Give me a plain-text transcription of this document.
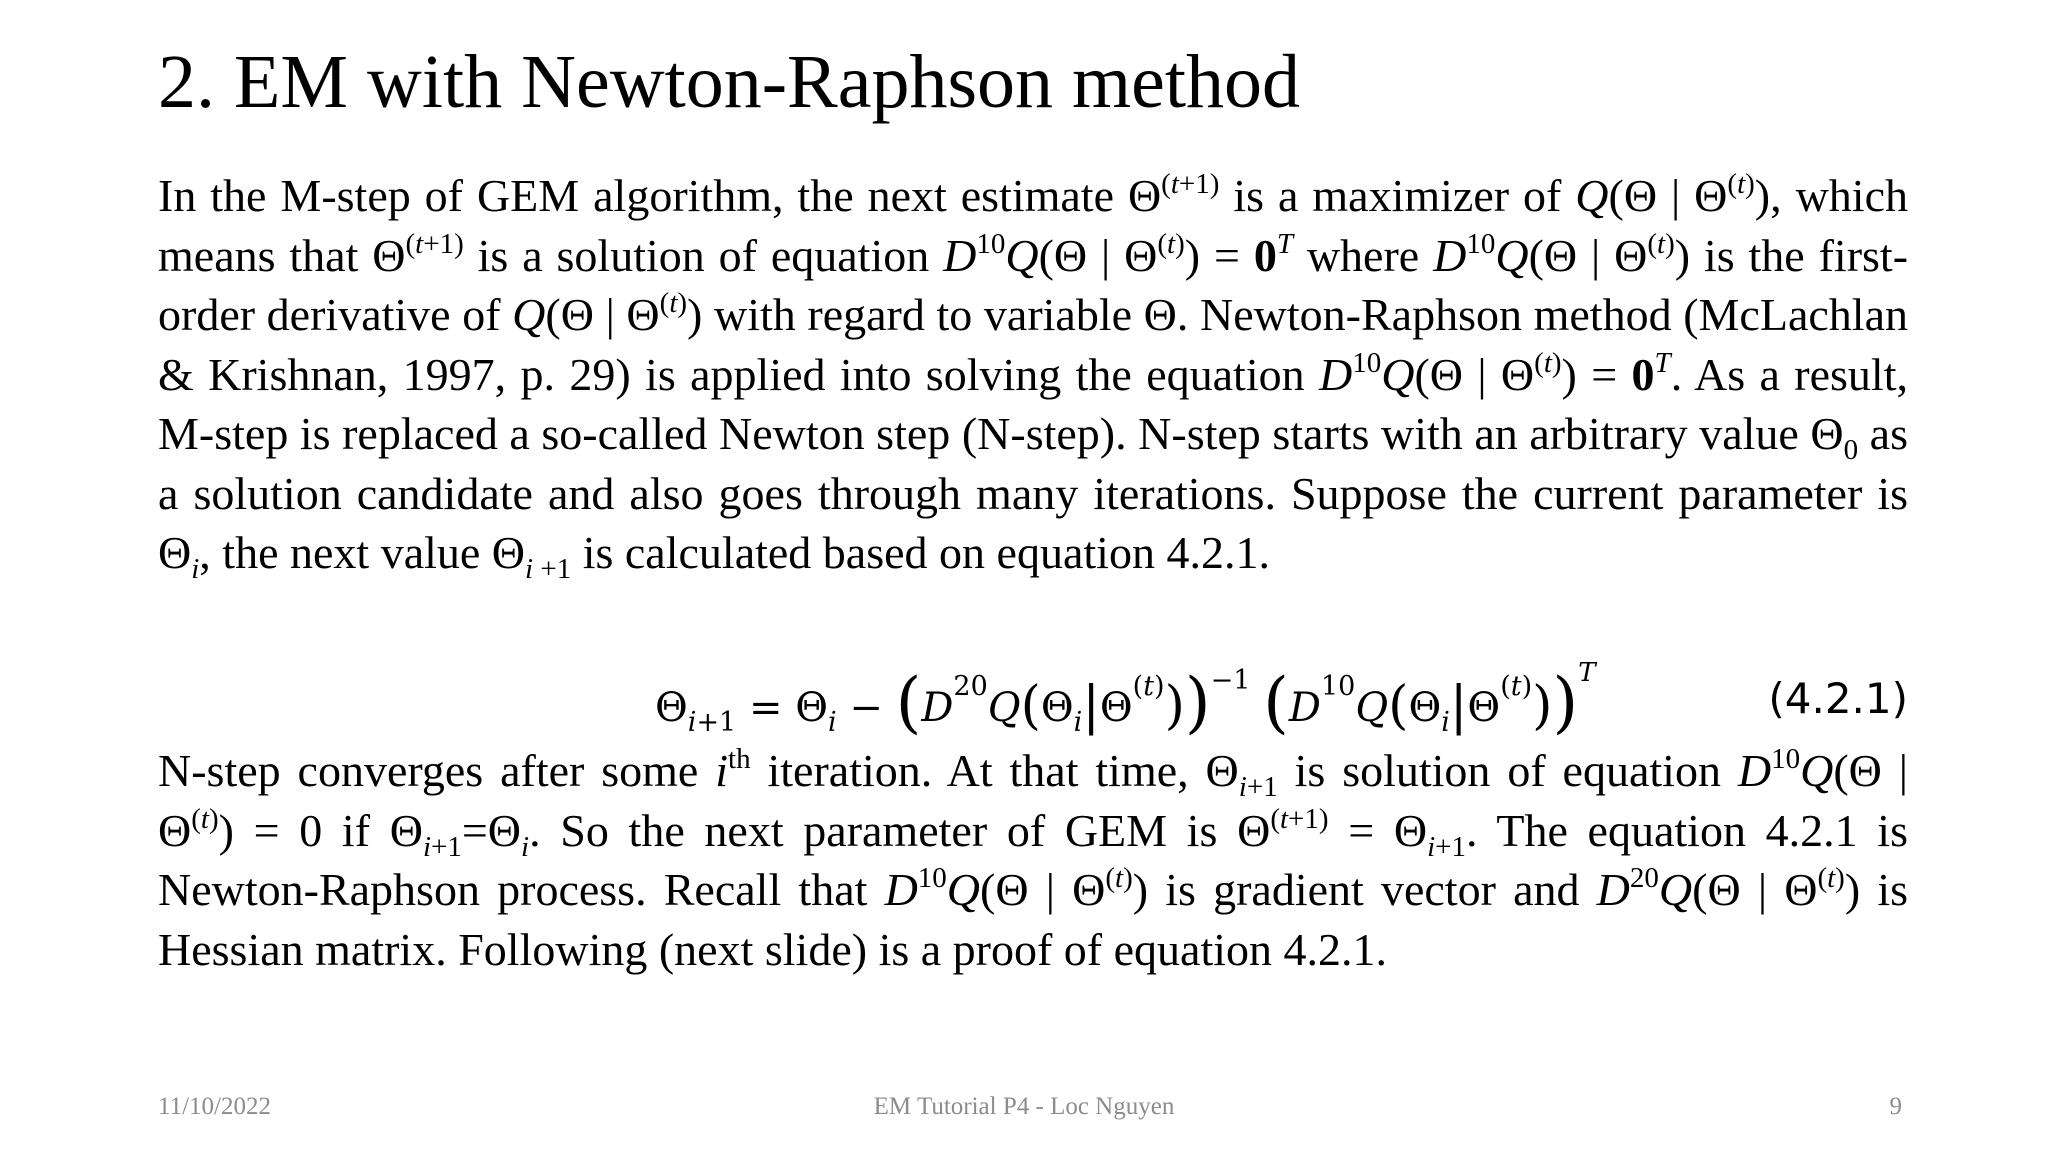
2. EM with Newton-Raphson method
In the M-step of GEM algorithm, the next estimate $\Theta^{(t+1)}$ is a maximizer of Q(Θ | $\Theta^{(t)}$), which means that $\Theta^{(t+1)}$ is a solution of equation $D^{10}Q(\Theta$ | $\Theta^{(t)}) = 0^T$ where $D^{10}Q(\Theta$ | $\Theta^{(t)}$) is the first-order derivative of Q(Θ | $\Theta^{(t)}$) with regard to variable Θ. Newton-Raphson method (McLachlan & Krishnan, 1997, p. 29) is applied into solving the equation $D^{10}Q(\Theta$ | $\Theta^{(t)}) = 0^T$. As a result, M-step is replaced a so-called Newton step (N-step). N-step starts with an arbitrary value $\Theta_0$ as a solution candidate and also goes through many iterations. Suppose the current parameter is $\Theta_i$, the next value $\Theta_{i +1}$ is calculated based on equation 4.2.1.
$\Theta_{i+1} = \Theta_i - (D^{20}Q(\Theta_i|\Theta^{(t)}))^{-1}$ $(D^{10}Q(\Theta_i|\Theta^{(t)}))^T$
(4.2.1)
N-step converges after some $i^{th}$ iteration. At that time, $\Theta_{i+1}$ is solution of equation $D^{10}Q(\Theta$ | $\Theta^{(t)}) = 0$ if $\Theta_{i+1}=\Theta_i$. So the next parameter of GEM is $\Theta^{(t+1)} = \Theta_{i+1}$. The equation 4.2.1 is Newton-Raphson process. Recall that $D^{10}Q(\Theta$ | $\Theta^{(t)}$) is gradient vector and $D^{20}Q(\Theta$ | $\Theta^{(t)}$) is Hessian matrix. Following (next slide) is a proof of equation 4.2.1.
11/10/2022	EM Tutorial P4 - Loc Nguyen	9
